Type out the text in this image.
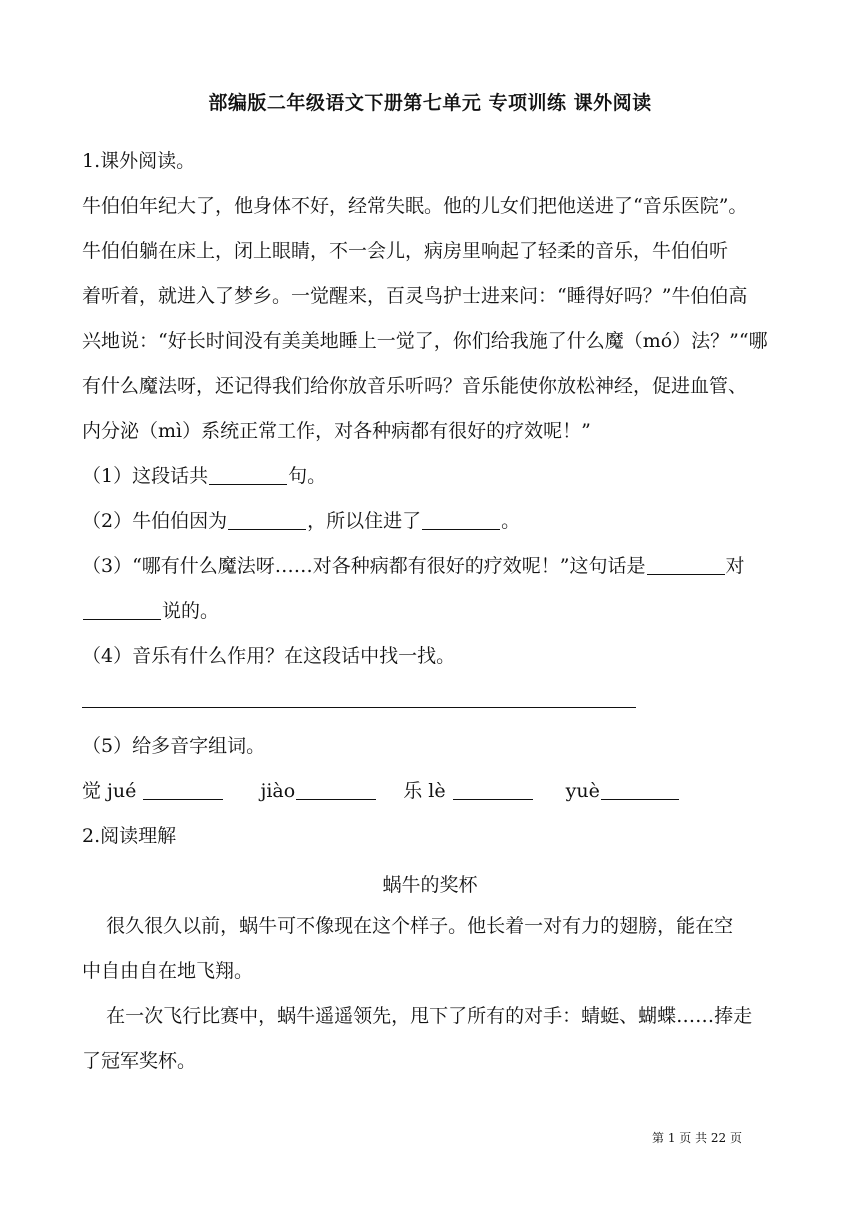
部编版二年级语文下册第七单元 专项训练 课外阅读
1.课外阅读。
牛伯伯年纪大了，他身体不好，经常失眠。他的儿女们把他送进了“音乐医院”。
牛伯伯躺在床上，闭上眼睛，不一会儿，病房里响起了轻柔的音乐，牛伯伯听
着听着，就进入了梦乡。一觉醒来，百灵鸟护士进来问：“睡得好吗？”牛伯伯高
兴地说：“好长时间没有美美地睡上一觉了，你们给我施了什么魔（mó）法？”“哪
有什么魔法呀，还记得我们给你放音乐听吗？音乐能使你放松神经，促进血管、
内分泌（mì）系统正常工作，对各种病都有很好的疗效呢！”
（1）这段话共	句。
（2）牛伯伯因为	，所以住进了	。
（3）“哪有什么魔法呀……对各种病都有很好的疗效呢！”这句话是	对
说的。
（4）音乐有什么作用？在这段话中找一找。
（5）给多音字组词。
觉 jué	jiào	乐 lè	yuè
2.阅读理解
蜗牛的奖杯
很久很久以前，蜗牛可不像现在这个样子。他长着一对有力的翅膀，能在空
中自由自在地飞翔。
在一次飞行比赛中，蜗牛遥遥领先，甩下了所有的对手：蜻蜓、蝴蝶……捧走
了冠军奖杯。
第 1 页 共 22 页
